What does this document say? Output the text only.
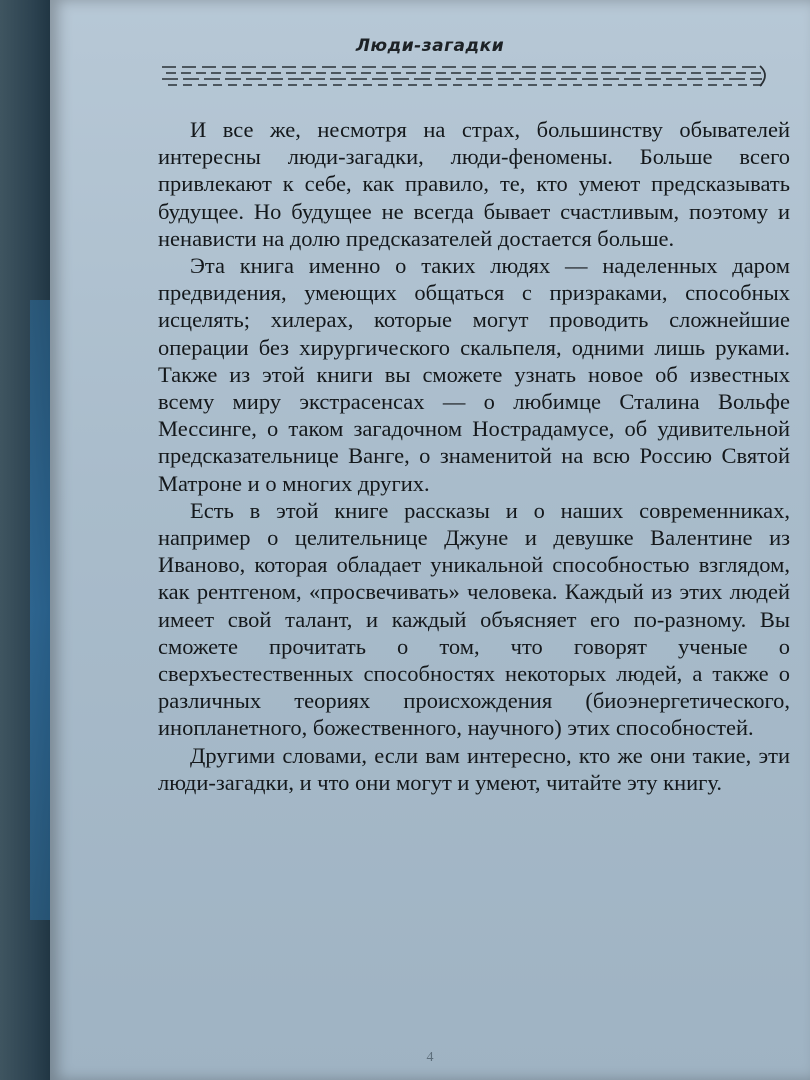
Люди-загадки

И все же, несмотря на страх, большинству обывателей интересны люди-загадки, люди-феномены. Больше всего привлекают к себе, как правило, те, кто умеют предсказывать будущее. Но будущее не всегда бывает счастливым, поэтому и ненависти на долю предсказателей достается больше.

Эта книга именно о таких людях — наделенных даром предвидения, умеющих общаться с призраками, способных исцелять; хилерах, которые могут проводить сложнейшие операции без хирургического скальпеля, одними лишь руками. Также из этой книги вы сможете узнать новое об известных всему миру экстрасенсах — о любимце Сталина Вольфе Мессинге, о таком загадочном Нострадамусе, об удивительной предсказательнице Ванге, о знаменитой на всю Россию Святой Матроне и о многих других.

Есть в этой книге рассказы и о наших современниках, например о целительнице Джуне и девушке Валентине из Иваново, которая обладает уникальной способностью взглядом, как рентгеном, «просвечивать» человека. Каждый из этих людей имеет свой талант, и каждый объясняет его по-разному. Вы сможете прочитать о том, что говорят ученые о сверхъестественных способностях некоторых людей, а также о различных теориях происхождения (биоэнергетического, инопланетного, божественного, научного) этих способностей.

Другими словами, если вам интересно, кто же они такие, эти люди-загадки, и что они могут и умеют, читайте эту книгу.

4
